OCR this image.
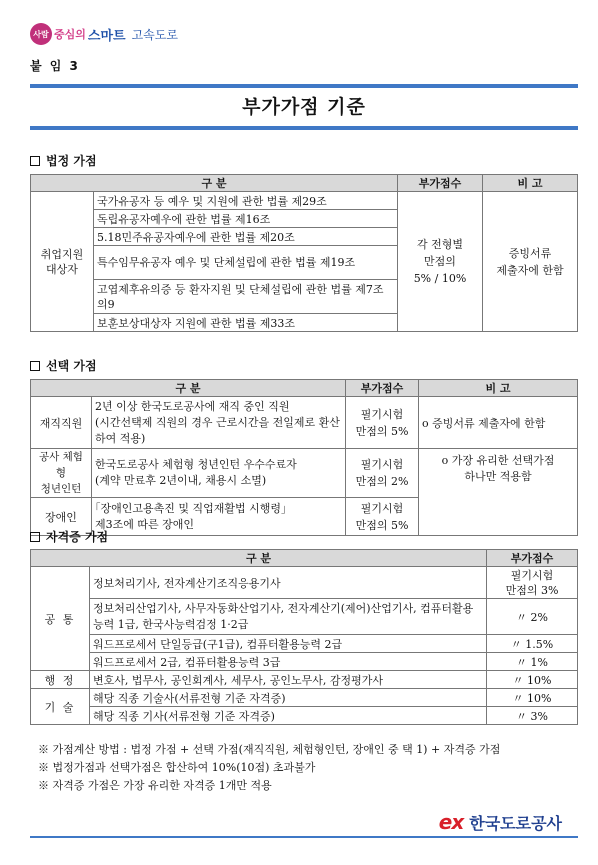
사람 중심의 스마트 고속도로
붙 임 3
부가가점 기준
법정 가점
구 분		부가점수	비 고
취업지원
대상자	국가유공자 등 예우 및 지원에 관한 법률 제29조	각 전형별
만점의
5% / 10%	증빙서류
제출자에 한함
	독립유공자예우에 관한 법률 제16조		
	5.18민주유공자예우에 관한 법률 제20조		
	특수임무유공자 예우 및 단체설립에 관한 법률 제19조		
	고엽제후유의증 등 환자지원 및 단체설립에 관한 법률 제7조의9		
	보훈보상대상자 지원에 관한 법률 제33조		
선택 가점
구 분		부가점수	비 고
재직직원	2년 이상 한국도로공사에 재직 중인 직원
(시간선택제 직원의 경우 근로시간을 전일제로 환산하여 적용)	필기시험
만점의 5%	o 증빙서류 제출자에 한함
공사 체험형
청년인턴	한국도로공사 체험형 청년인턴 우수수료자
(계약 만료후 2년이내, 채용시 소멸)	필기시험
만점의 2%	o 가장 유리한 선택가점
하나만 적용함
장애인	｢장애인고용촉진 및 직업재활법 시행령｣
제3조에 따른 장애인	필기시험
만점의 5%	
자격증 가점
구 분		부가점수
공 통	정보처리기사, 전자계산기조직응용기사	필기시험
만점의 3%
	정보처리산업기사, 사무자동화산업기사, 전자계산기(제어)산업기사, 컴퓨터활용능력 1급, 한국사능력검정 1·2급	〃 2%
	워드프로세서 단일등급(구1급), 컴퓨터활용능력 2급	〃 1.5%
	워드프로세서 2급, 컴퓨터활용능력 3급	〃 1%
행 정	변호사, 법무사, 공인회계사, 세무사, 공인노무사, 감정평가사	〃 10%
기 술	해당 직종 기술사(서류전형 기준 자격증)	〃 10%
	해당 직종 기사(서류전형 기준 자격증)	〃 3%
※ 가점계산 방법 : 법정 가점 + 선택 가점(재직직원, 체험형인턴, 장애인 중 택 1) + 자격증 가점
※ 법정가점과 선택가점은 합산하여 10%(10점) 초과불가
※ 자격증 가점은 가장 유리한 자격증 1개만 적용
ex 한국도로공사
